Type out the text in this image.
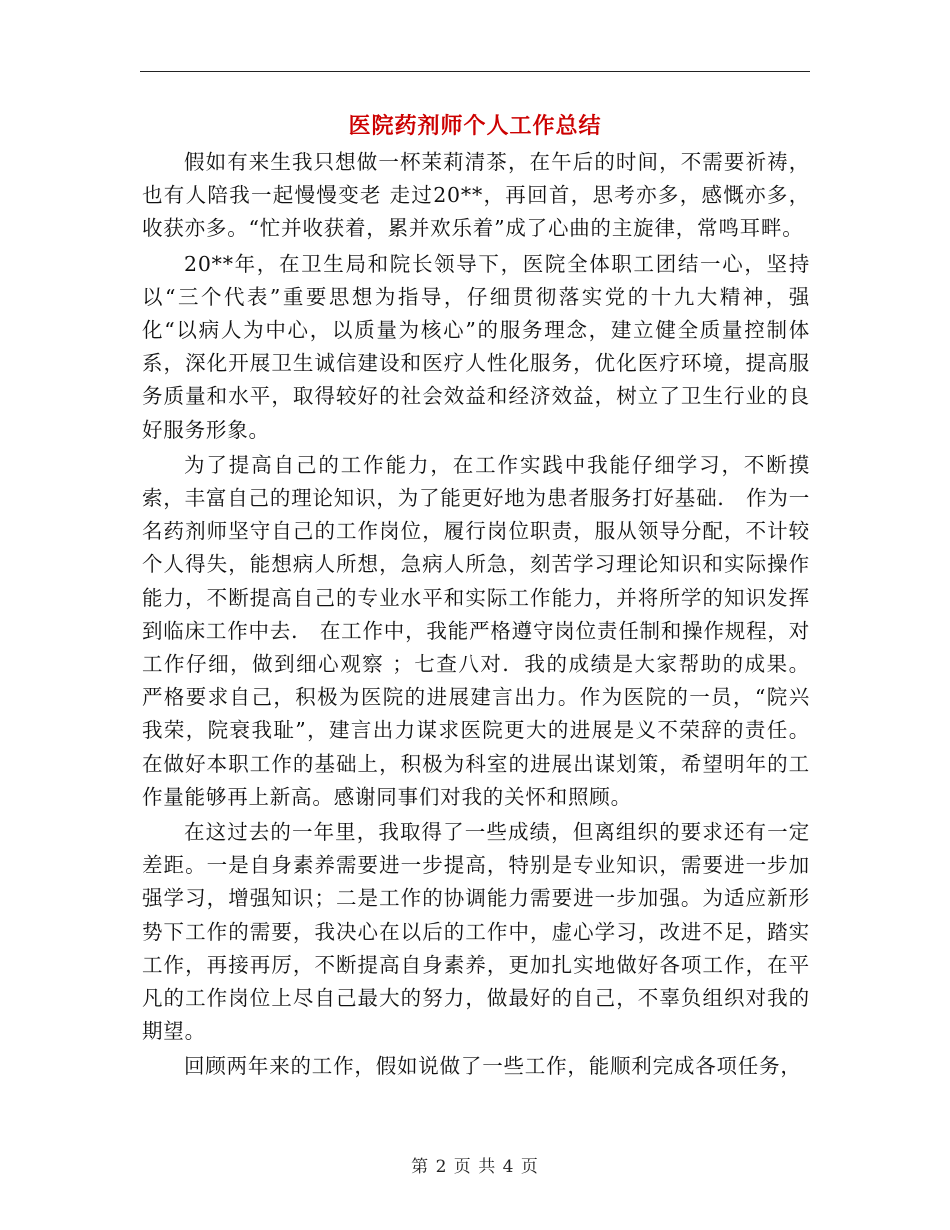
医院药剂师个人工作总结

假如有来生我只想做一杯茉莉清茶，在午后的时间，不需要祈祷，也有人陪我一起慢慢变老 走过20**，再回首，思考亦多，感慨亦多，收获亦多。“忙并收获着，累并欢乐着”成了心曲的主旋律，常鸣耳畔。

20**年，在卫生局和院长领导下，医院全体职工团结一心，坚持以“三个代表”重要思想为指导，仔细贯彻落实党的十九大精神，强化“以病人为中心，以质量为核心”的服务理念，建立健全质量控制体系，深化开展卫生诚信建设和医疗人性化服务，优化医疗环境，提高服务质量和水平，取得较好的社会效益和经济效益，树立了卫生行业的良好服务形象。

为了提高自己的工作能力，在工作实践中我能仔细学习，不断摸索，丰富自己的理论知识，为了能更好地为患者服务打好基础． 作为一名药剂师坚守自己的工作岗位，履行岗位职责，服从领导分配，不计较个人得失，能想病人所想，急病人所急，刻苦学习理论知识和实际操作能力，不断提高自己的专业水平和实际工作能力，并将所学的知识发挥到临床工作中去． 在工作中，我能严格遵守岗位责任制和操作规程，对工作仔细，做到细心观察 ；七查八对．我的成绩是大家帮助的成果。 严格要求自己，积极为医院的进展建言出力。作为医院的一员，“院兴我荣，院衰我耻”，建言出力谋求医院更大的进展是义不荣辞的责任。在做好本职工作的基础上，积极为科室的进展出谋划策，希望明年的工作量能够再上新高。感谢同事们对我的关怀和照顾。

在这过去的一年里，我取得了一些成绩，但离组织的要求还有一定差距。一是自身素养需要进一步提高，特别是专业知识，需要进一步加强学习，增强知识；二是工作的协调能力需要进一步加强。为适应新形势下工作的需要，我决心在以后的工作中，虚心学习，改进不足，踏实工作，再接再厉，不断提高自身素养，更加扎实地做好各项工作，在平凡的工作岗位上尽自己最大的努力，做最好的自己，不辜负组织对我的期望。

回顾两年来的工作，假如说做了一些工作，能顺利完成各项任务，

第 2 页 共 4 页
